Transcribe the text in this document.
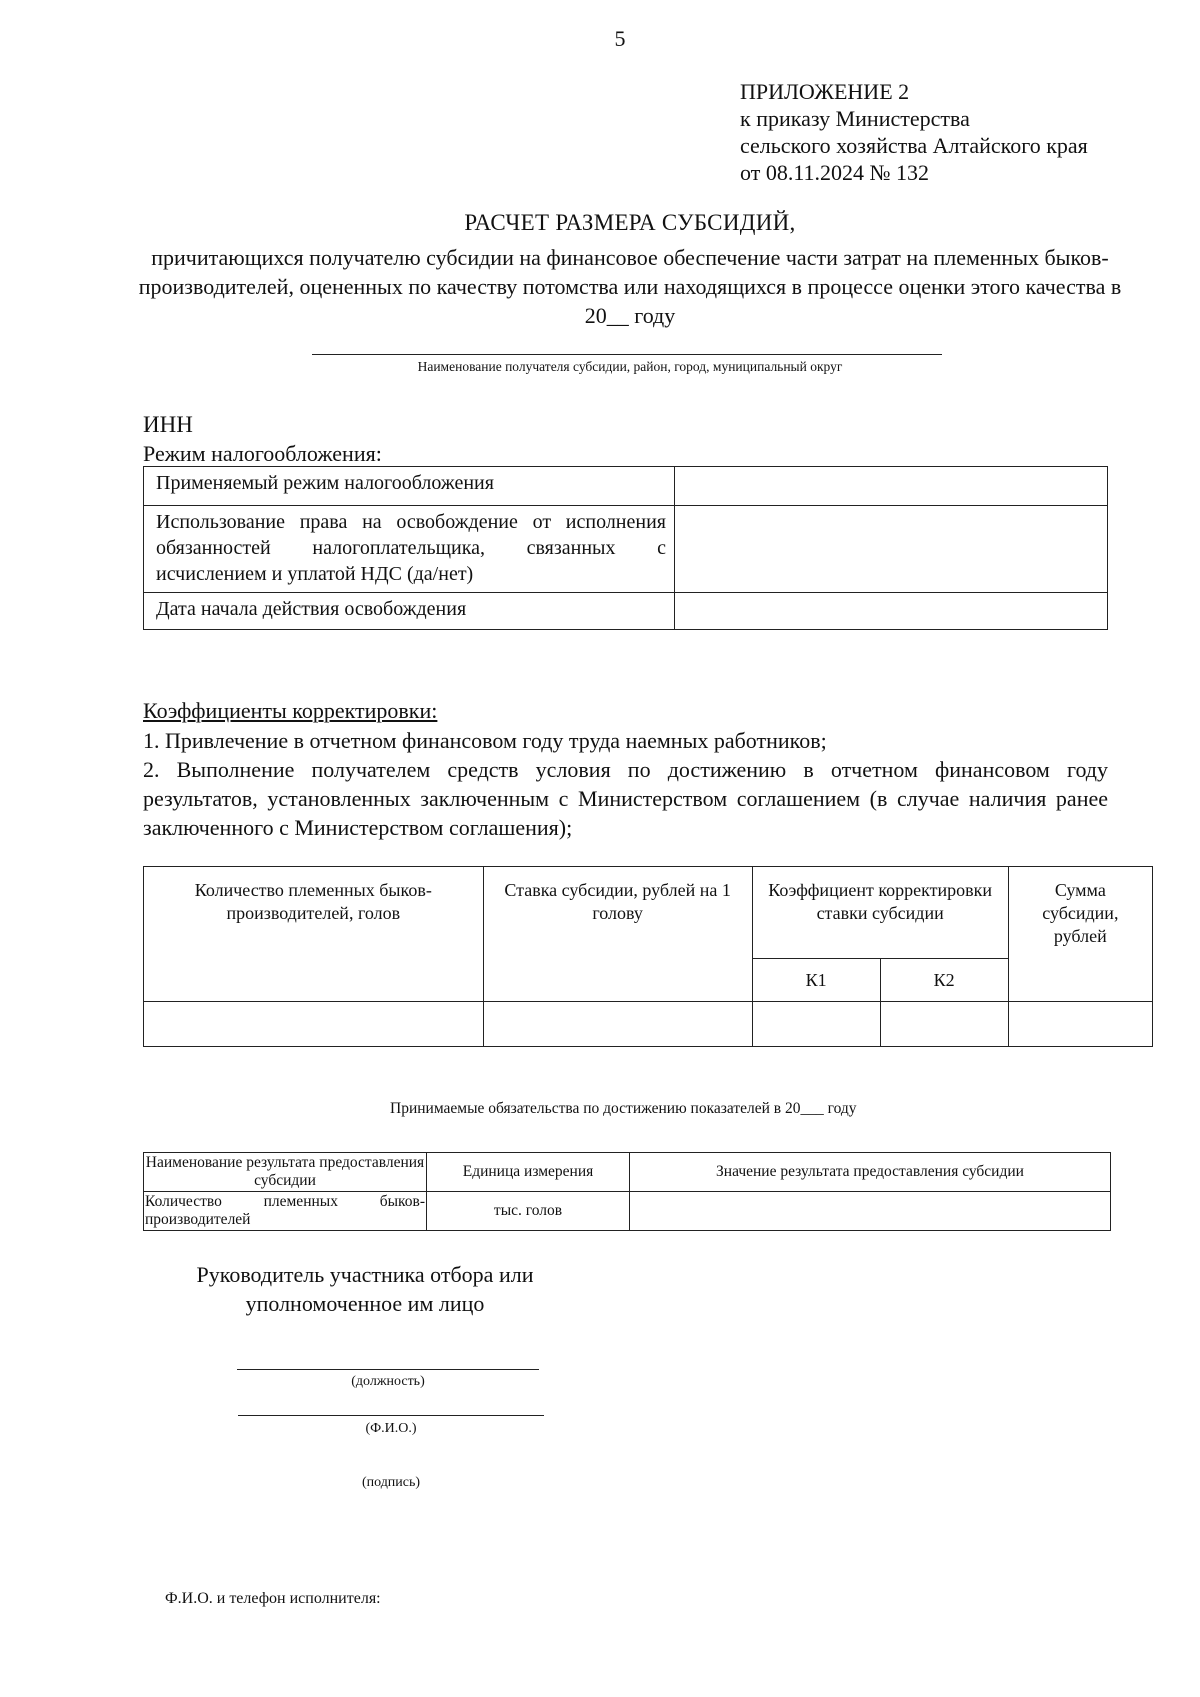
5
ПРИЛОЖЕНИЕ 2
к приказу Министерства
сельского хозяйства Алтайского края
от 08.11.2024 № 132
РАСЧЕТ РАЗМЕРА СУБСИДИЙ,
причитающихся получателю субсидии на финансовое обеспечение части затрат на племенных быков-производителей, оцененных по качеству потомства или находящихся в процессе оценки этого качества в 20__ году
Наименование получателя субсидии, район, город, муниципальный округ
ИНН
Режим налогообложения:
Применяемый режим налогообложения	
Использование права на освобождение от исполнения обязанностей налогоплательщика, связанных с исчислением и уплатой НДС (да/нет)	
Дата начала действия освобождения	
Коэффициенты корректировки:

1. Привлечение в отчетном финансовом году труда наемных работников;

2. Выполнение получателем средств условия по достижению в отчетном финансовом году результатов, установленных заключенным с Министерством соглашением (в случае наличия ранее заключенного с Министерством соглашения);

Количество племенных быков-производителей, голов	Ставка субсидии, рублей на 1 голову	Коэффициент корректировки ставки субсидии		Сумма субсидии, рублей
		К1	К2	

Принимаемые обязательства по достижению показателей в 20___ году
Наименование результата предоставления субсидии	Единица измерения	Значение результата предоставления субсидии
Количество племенных быков-производителей	тыс. голов	
Руководитель участника отбора или
уполномоченное им лицо
(должность)
(Ф.И.О.)
(подпись)
Ф.И.О. и телефон исполнителя:
